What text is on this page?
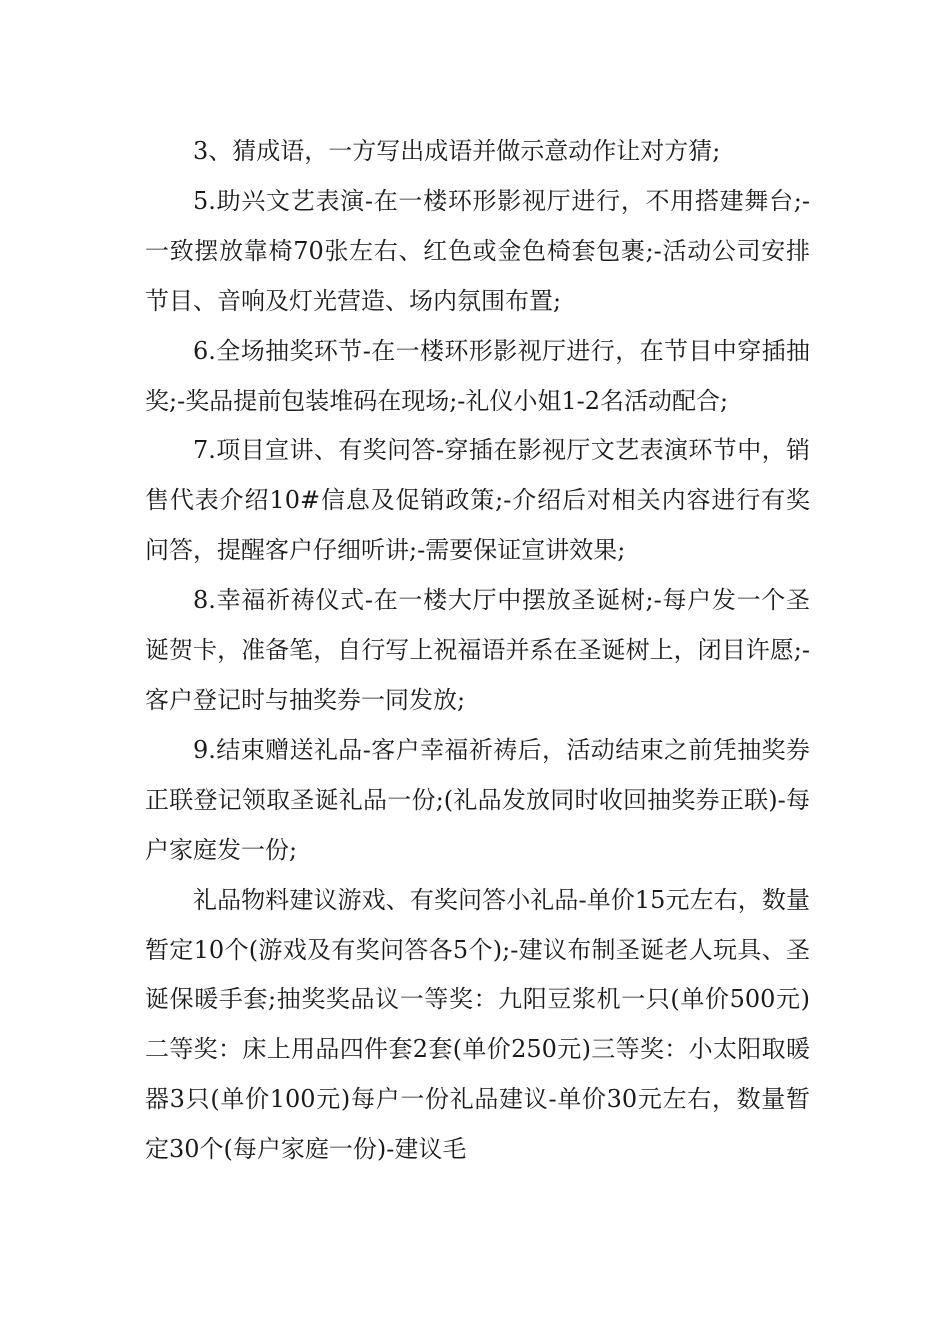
3、猜成语，一方写出成语并做示意动作让对方猜;

5.助兴文艺表演-在一楼环形影视厅进行，不用搭建舞台;-一致摆放靠椅70张左右、红色或金色椅套包裹;-活动公司安排节目、音响及灯光营造、场内氛围布置;

6.全场抽奖环节-在一楼环形影视厅进行，在节目中穿插抽奖;-奖品提前包装堆码在现场;-礼仪小姐1-2名活动配合;

7.项目宣讲、有奖问答-穿插在影视厅文艺表演环节中，销售代表介绍10#信息及促销政策;-介绍后对相关内容进行有奖问答，提醒客户仔细听讲;-需要保证宣讲效果;

8.幸福祈祷仪式-在一楼大厅中摆放圣诞树;-每户发一个圣诞贺卡，准备笔，自行写上祝福语并系在圣诞树上，闭目许愿;-客户登记时与抽奖券一同发放;

9.结束赠送礼品-客户幸福祈祷后，活动结束之前凭抽奖券正联登记领取圣诞礼品一份;(礼品发放同时收回抽奖券正联)-每户家庭发一份;

礼品物料建议游戏、有奖问答小礼品-单价15元左右，数量暂定10个(游戏及有奖问答各5个);-建议布制圣诞老人玩具、圣诞保暖手套;抽奖奖品议一等奖：九阳豆浆机一只(单价500元)二等奖：床上用品四件套2套(单价250元)三等奖：小太阳取暖器3只(单价100元)每户一份礼品建议-单价30元左右，数量暂定30个(每户家庭一份)-建议毛
